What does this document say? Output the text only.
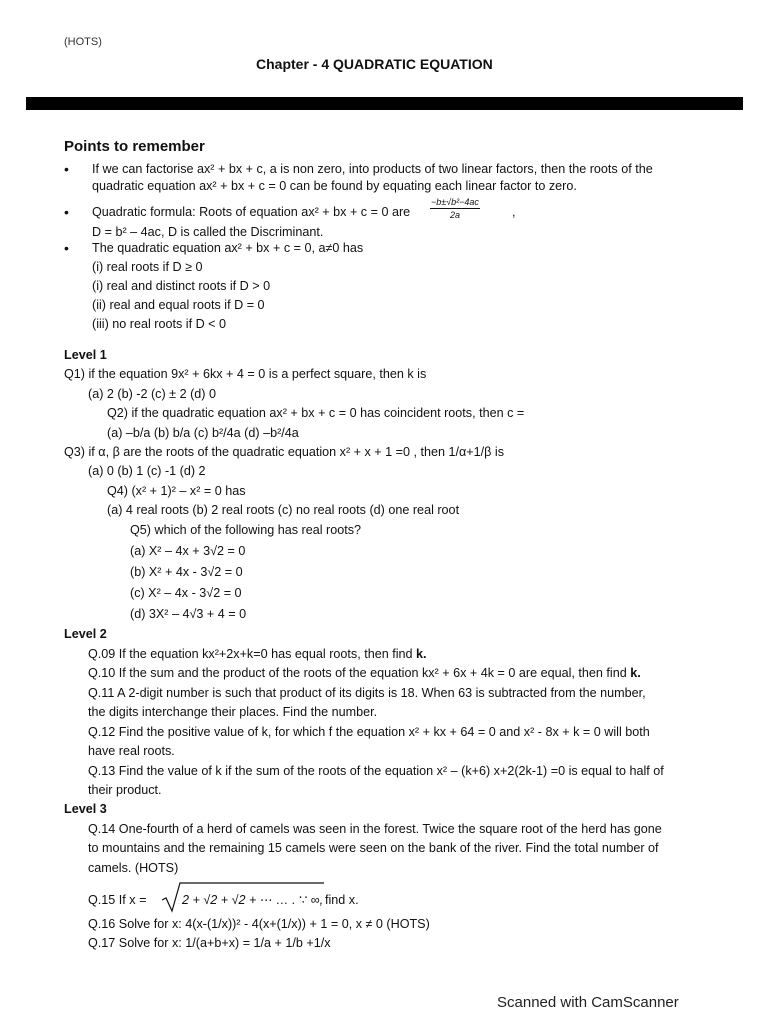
(HOTS)
Chapter - 4 QUADRATIC EQUATION
Points to remember
• If we can factorise ax² + bx + c, a is non zero, into products of two linear factors, then the roots of the
quadratic equation ax² + bx + c = 0 can be found by equating each linear factor to zero.
• Quadratic formula: Roots of equation ax² + bx + c = 0 are $\frac{\text{−b±√b²−4ac}}{2a}$	,
D = b² – 4ac, D is called the Discriminant.
• The quadratic equation ax² + bx + c = 0, a≠0 has
(i) real roots if D ≥ 0
(i) real and distinct roots if D > 0
(ii) real and equal roots if D = 0
(iii) no real roots if D < 0
Level 1
Q1) if the equation 9x² + 6kx + 4 = 0 is a perfect square, then k is
(a) 2 (b) -2 (c) ± 2 (d) 0
Q2) if the quadratic equation ax² + bx + c = 0 has coincident roots, then c =
(a) –b/a (b) b/a (c) b²/4a (d) –b²/4a
Q3) if α, β are the roots of the quadratic equation x² + x + 1 =0 , then 1/α+1/β is
(a) 0 (b) 1 (c) -1 (d) 2
Q4) (x² + 1)² – x² = 0 has
(a) 4 real roots (b) 2 real roots (c) no real roots (d) one real root
Q5) which of the following has real roots?
(a) X² – 4x + 3√2 = 0
(b) X² + 4x - 3√2 = 0
(c) X² – 4x - 3√2 = 0
(d) 3X² – 4√3 + 4 = 0
Level 2
Q.09 If the equation kx²+2x+k=0 has equal roots, then find k.
Q.10 If the sum and the product of the roots of the equation kx² + 6x + 4k = 0 are equal, then find k.
Q.11 A 2-digit number is such that product of its digits is 18. When 63 is subtracted from the number,
the digits interchange their places. Find the number.
Q.12 Find the positive value of k, for which f the equation x² + kx + 64 = 0 and x² - 8x + k = 0 will both
have real roots.
Q.13 Find the value of k if the sum of the roots of the equation x² – (k+6) x+2(2k-1) =0 is equal to half of
their product.
Level 3
Q.14 One-fourth of a herd of camels was seen in the forest. Twice the square root of the herd has gone
to mountains and the remaining 15 camels were seen on the bank of the river. Find the total number of
camels. (HOTS)
Q.15 If x =	2 + √2 + √2 + ⋯ … . ∵ ∞, find x.
Q.16 Solve for x: 4(x-(1/x))² - 4(x+(1/x)) + 1 = 0, x ≠ 0 (HOTS)
Q.17 Solve for x: 1/(a+b+x) = 1/a + 1/b +1/x
Scanned with CamScanner
